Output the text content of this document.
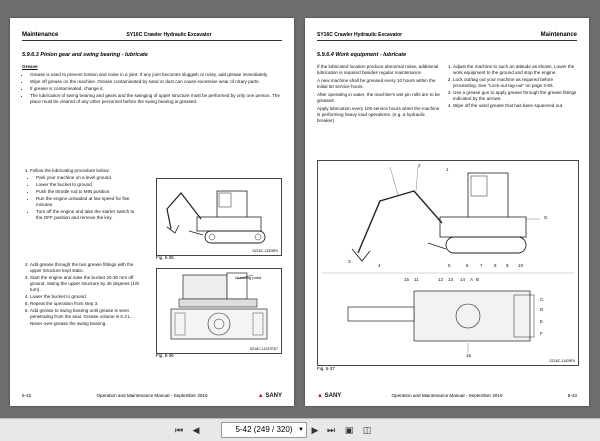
Maintenance	SY16C Crawler Hydraulic Excavator
5.9.6.3 Pinion gear and swing bearing - lubricate
Grease
• Grease is used to prevent torsion and noise in a joint. If any joint becomes sluggish or noisy, add grease immediately.
• Wipe off grease on the machine. Grease contaminated by sand or dust can cause excessive wear of rotary parts.
• If grease is contaminated, change it.
• The lubrication of swing bearing and gears and the swinging of upper structure must be performed by only one person. The place must be cleared of any other personnel before the swing bearing is greased.
1. Follow the lubricating procedure below:
• Park your machine on a level ground.
• Lower the bucket to ground.
• Push the throttle rod to MIN position.
• Run the engine unloaded at low speed for five minutes.
• Turn off the engine and take the starter switch to the OFF position and remove the key.
2. Add grease through the two grease fittings with the upper structure kept static.
3. Start the engine and raise the bucket 20-30 mm off ground. Swing the upper structure by 45 degrees (1/8 turn).
4. Lower the bucket to ground.
5. Repeat the operation from step 3.
6. Add grease to swing bearing until grease is seen penetrating from the seal. Grease volume is 0.3 L.
Never over-grease the swing bearing.
SZ16C-11928F0
Fig. 5-35
Greasing point
SZ16C-11927EE7
Fig. 5-36
5-42	Operation and Maintenance Manual - September 2016	▲ SANY
SY16C Crawler Hydraulic Excavator	Maintenance
5.9.6.4 Work equipment - lubricate

If the lubricated location produce abnormal noise, additional lubrication is required besides regular maintenance.

A new machine shall be greased every 10 hours within the initial 50 service hours.

After operating in water, the machine's wet pin rolls are to be greased.

Apply lubrication every 100 service hours when the machine is performing heavy load operations. (e.g. a hydraulic breaker)

1. Adjust the machine to such an attitude as shown. Lower the work equipment to the ground and stop the engine.
2. Lock out/tag out your machine as required before proceeding. See "Lock-out tag-out" on page 2-65.
3. Use a grease gun to apply grease through the grease fittings indicated by the arrows.
4. Wipe off the used grease that has been squeezed out.
1
2
3
4	5	6	7	8 9 10
11	12 13 14 A B
C
D
E
F
G
15
16
SZ16C-11928F9
Fig. 5-37
▲ SANY	Operation and Maintenance Manual - September 2016	5-43
⏮	◀	5-42 (249 / 320) ▼ ▶ ⏭	▣	◫
